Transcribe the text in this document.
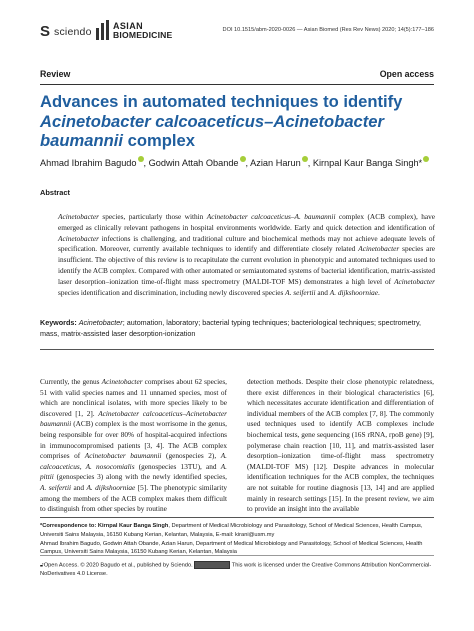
S sciendo ASIAN
BIOMEDICINE	DOI 10.1515/abm-2020-0026 — Asian Biomed (Res Rev News) 2020; 14(5):177–186
Review	Open access
Advances in automated techniques to identify
Acinetobacter calcoaceticus–Acinetobacter
baumannii complex
Ahmad Ibrahim Bagudo , Godwin Attah Obande , Azian Harun , Kirnpal Kaur Banga Singh*
Abstract
Acinetobacter species, particularly those within Acinetobacter calcoaceticus–A. baumannii complex (ACB complex), have emerged as clinically relevant pathogens in hospital environments worldwide. Early and quick detection and identification of Acinetobacter infections is challenging, and traditional culture and biochemical methods may not achieve adequate levels of specification. Moreover, currently available techniques to identify and differentiate closely related Acinetobacter species are insufficient. The objective of this review is to recapitulate the current evolution in phenotypic and automated techniques used to identify the ACB complex. Compared with other automated or semiautomated systems of bacterial identification, matrix-assisted laser desorption–ionization time-of-flight mass spectrometry (MALDI-TOF MS) demonstrates a high level of Acinetobacter species identification and discrimination, including newly discovered species A. seifertii and A. dijkshoorniae.
Keywords: Acinetobacter; automation, laboratory; bacterial typing techniques; bacteriological techniques; spectrometry, mass, matrix-assisted laser desorption-ionization
Currently, the genus Acinetobacter comprises about 62 species, 51 with valid species names and 11 unnamed species, most of which are nonclinical isolates, with more species likely to be discovered [1, 2]. Acinetobacter calcoaceticus–Acinetobacter baumannii (ACB) complex is the most worrisome in the genus, being responsible for over 80% of hospital-acquired infections in immunocompromised patients [3, 4]. The ACB complex comprises of Acinetobacter baumannii (genospecies 2), A. calcoaceticus, A. nosocomialis (genospecies 13TU), and A. pittii (genospecies 3) along with the newly identified species, A. seifertii and A. dijkshoorniae [5]. The phenotypic similarity among the members of the ACB complex makes them difficult to distinguish from other species by routine
detection methods. Despite their close phenotypic relatedness, there exist differences in their biological characteristics [6], which necessitates accurate identification and differentiation of individual members of the ACB complex [7, 8]. The commonly used techniques used to identify ACB complexes include biochemical tests, gene sequencing (16S rRNA, rpoB gene) [9], polymerase chain reaction [10, 11], and matrix-assisted laser desorption–ionization time-of-flight mass spectrometry (MALDI-TOF MS) [12]. Despite advances in molecular identification techniques for the ACB complex, the techniques are not suitable for routine diagnosis [13, 14] and are applied mainly in research settings [15]. In the present review, we aim to provide an insight into the available
*Correspondence to: Kirnpal Kaur Banga Singh, Department of Medical Microbiology and Parasitology, School of Medical Sciences, Health Campus, Universiti Sains Malaysia, 16150 Kubang Kerian, Kelantan, Malaysia, E-mail: kirani@usm.my
Ahmad Ibrahim Bagudo, Godwin Attah Obande, Azian Harun, Department of Medical Microbiology and Parasitology, School of Medical Sciences, Health Campus, Universiti Sains Malaysia, 16150 Kubang Kerian, Kelantan, Malaysia
🔓︎Open Access. © 2020 Bagudo et al., published by Sciendo.	This work is licensed under the Creative Commons Attribution NonCommercial-NoDerivatives 4.0 License.
